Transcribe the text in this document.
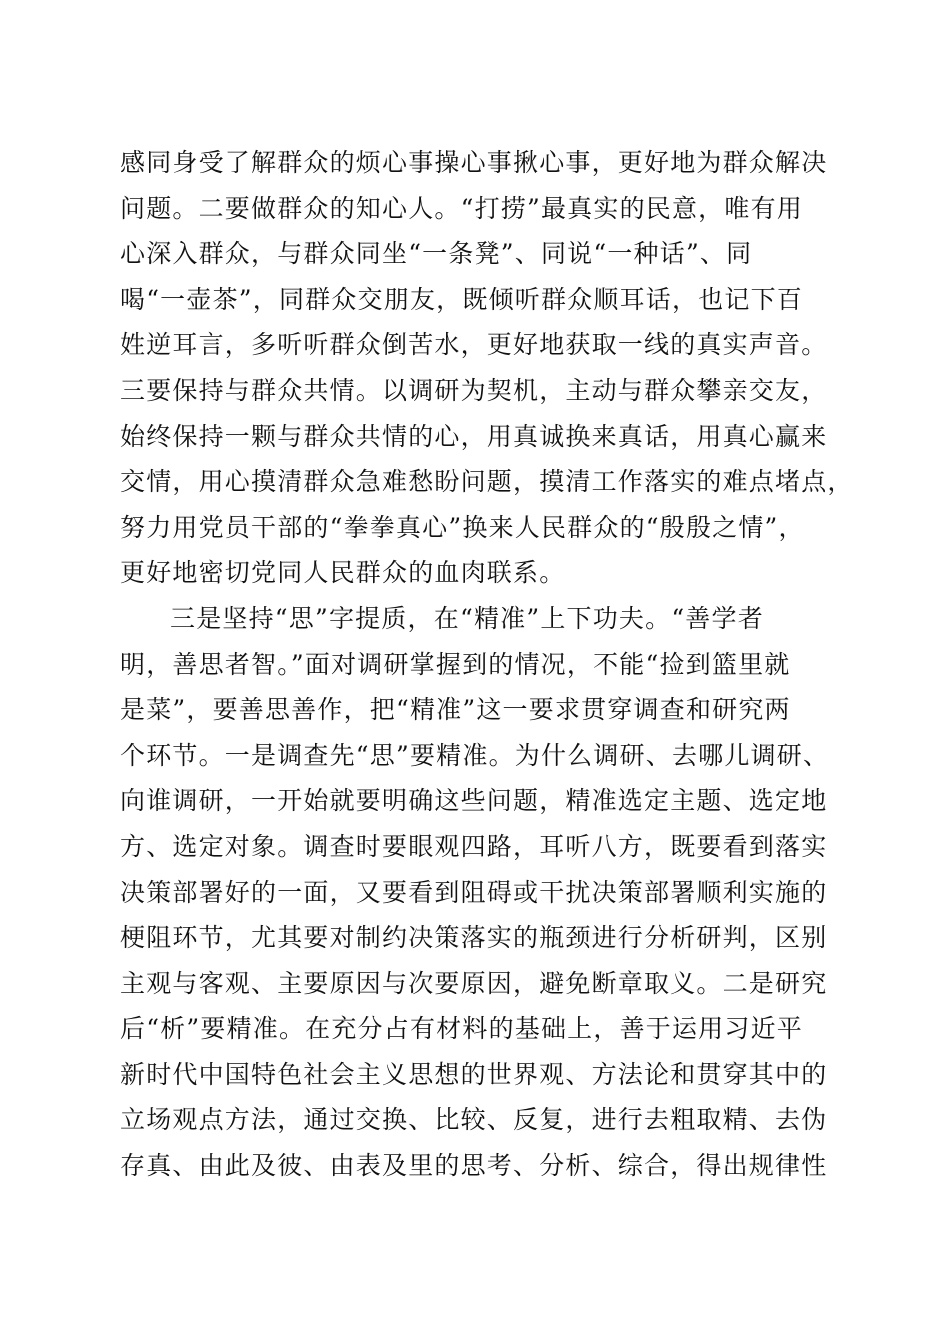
感同身受了解群众的烦心事操心事揪心事，更好地为群众解决
问题。二要做群众的知心人。“打捞”最真实的民意，唯有用
心深入群众，与群众同坐“一条凳”、同说“一种话”、同
喝“一壶茶”，同群众交朋友，既倾听群众顺耳话，也记下百
姓逆耳言，多听听群众倒苦水，更好地获取一线的真实声音。
三要保持与群众共情。以调研为契机，主动与群众攀亲交友，
始终保持一颗与群众共情的心，用真诚换来真话，用真心赢来
交情，用心摸清群众急难愁盼问题，摸清工作落实的难点堵点，
努力用党员干部的“拳拳真心”换来人民群众的“殷殷之情”，
更好地密切党同人民群众的血肉联系。
三是坚持“思”字提质，在“精准”上下功夫。“善学者
明，善思者智。”面对调研掌握到的情况，不能“捡到篮里就
是菜”，要善思善作，把“精准”这一要求贯穿调查和研究两
个环节。一是调查先“思”要精准。为什么调研、去哪儿调研、
向谁调研，一开始就要明确这些问题，精准选定主题、选定地
方、选定对象。调查时要眼观四路，耳听八方，既要看到落实
决策部署好的一面，又要看到阻碍或干扰决策部署顺利实施的
梗阻环节，尤其要对制约决策落实的瓶颈进行分析研判，区别
主观与客观、主要原因与次要原因，避免断章取义。二是研究
后“析”要精准。在充分占有材料的基础上，善于运用习近平
新时代中国特色社会主义思想的世界观、方法论和贯穿其中的
立场观点方法，通过交换、比较、反复，进行去粗取精、去伪
存真、由此及彼、由表及里的思考、分析、综合，得出规律性
